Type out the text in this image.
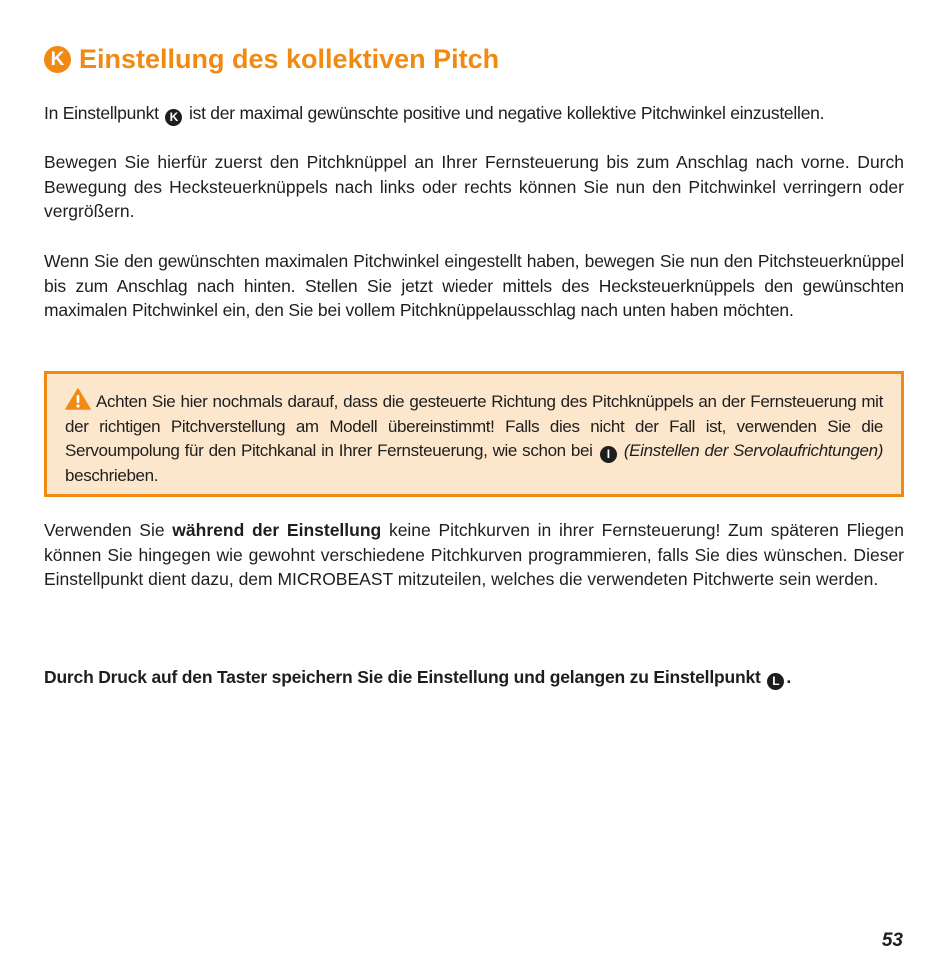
K Einstellung des kollektiven Pitch

In Einstellpunkt K ist der maximal gewünschte positive und negative kollektive Pitchwinkel einzustellen.

Bewegen Sie hierfür zuerst den Pitchknüppel an Ihrer Fernsteuerung bis zum Anschlag nach vorne. Durch Bewegung des Hecksteuerknüppels nach links oder rechts können Sie nun den Pitchwinkel verringern oder vergrößern.

Wenn Sie den gewünschten maximalen Pitchwinkel eingestellt haben, bewegen Sie nun den Pitchsteuerknüppel bis zum Anschlag nach hinten. Stellen Sie jetzt wieder mittels des Hecksteuerknüppels den gewünschten maximalen Pitchwinkel ein, den Sie bei vollem Pitchknüppelausschlag nach unten haben möchten.

Achten Sie hier nochmals darauf, dass die gesteuerte Richtung des Pitchknüppels an der Fernsteuerung mit der richtigen Pitchverstellung am Modell übereinstimmt! Falls dies nicht der Fall ist, verwenden Sie die Servoumpolung für den Pitchkanal in Ihrer Fernsteuerung, wie schon bei I (Einstellen der Servolaufrichtungen) beschrieben.

Verwenden Sie während der Einstellung keine Pitchkurven in ihrer Fernsteuerung! Zum späteren Fliegen können Sie hingegen wie gewohnt verschiedene Pitchkurven programmieren, falls Sie dies wünschen. Dieser Einstellpunkt dient dazu, dem MICROBEAST mitzuteilen, welches die verwendeten Pitchwerte sein werden.

Durch Druck auf den Taster speichern Sie die Einstellung und gelangen zu Einstellpunkt L .

53
